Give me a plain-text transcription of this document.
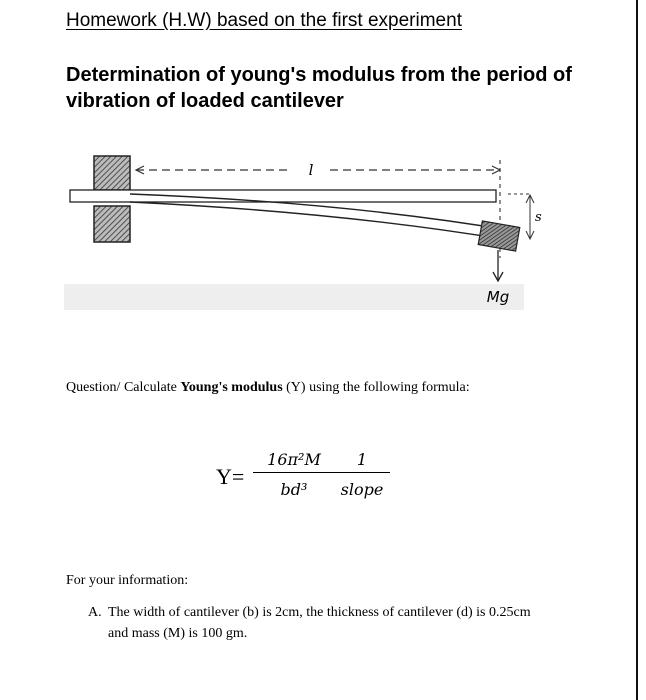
Homework (H.W) based on the first experiment
Determination of young's modulus from the period of vibration of loaded cantilever
l
Mg
s
Question/ Calculate Young's modulus (Y) using the following formula:
$Y= \frac{\text{16π²M}}{\text{bd³}}$	1
slope
For your information:
A. The width of cantilever (b) is 2cm, the thickness of cantilever (d) is 0.25cm and mass (M) is 100 gm.
